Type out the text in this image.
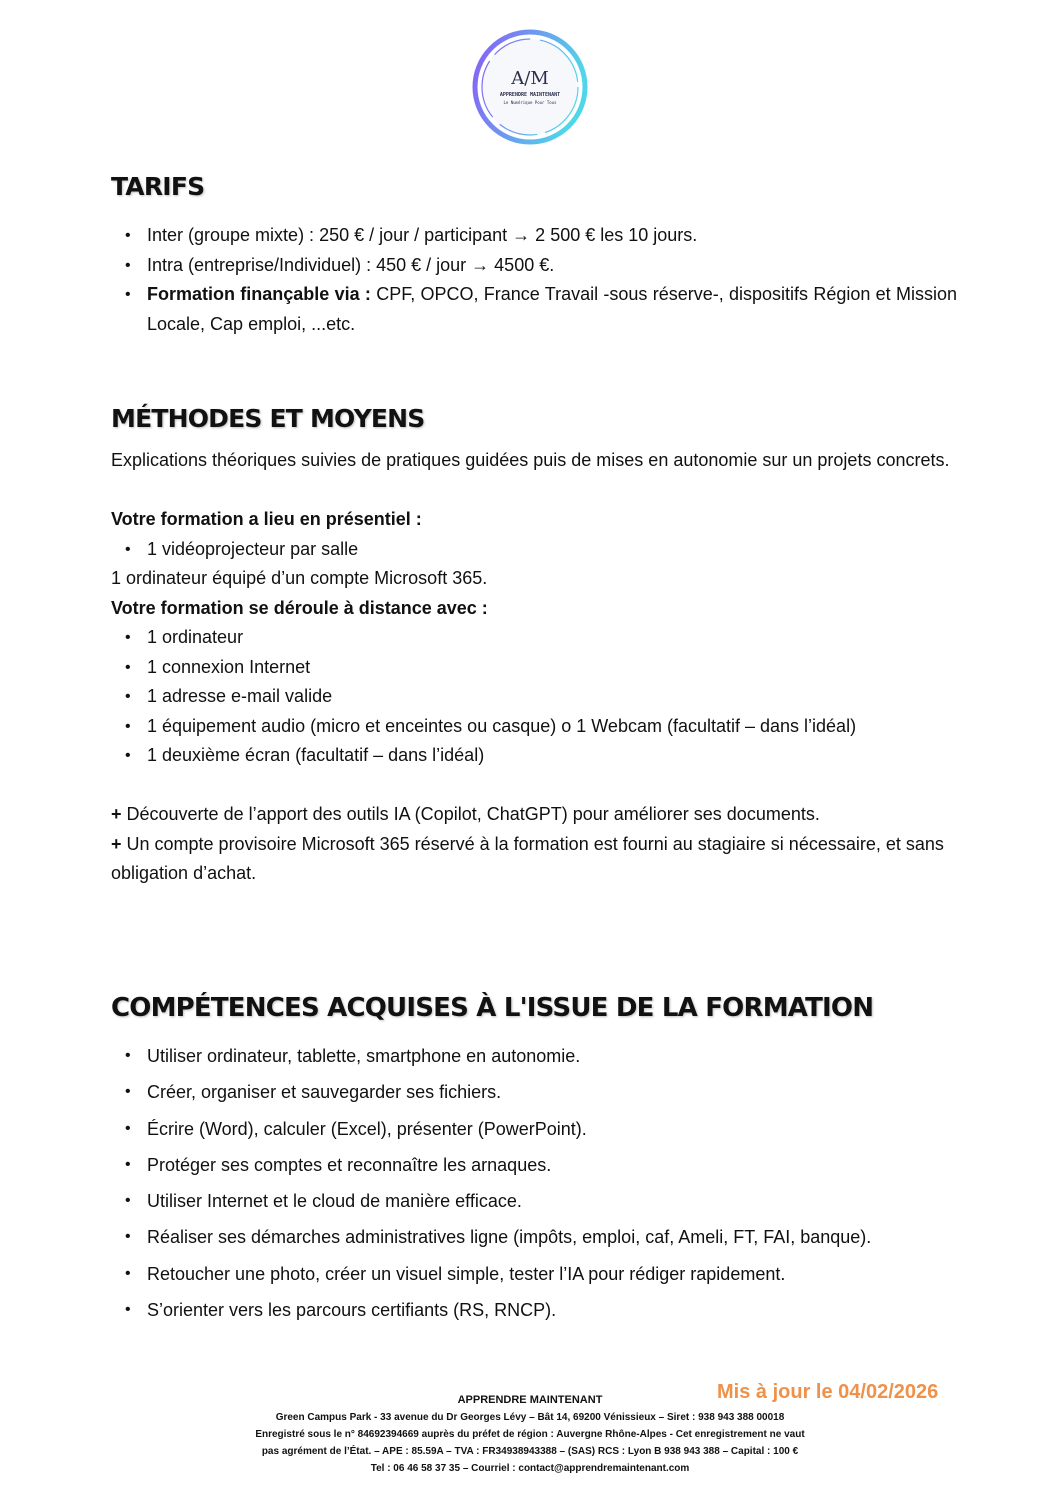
A/M
APPRENDRE MAINTENANT
Le Numérique Pour Tous
TARIFS
• Inter (groupe mixte) : 250 € / jour / participant → 2 500 € les 10 jours.
• Intra (entreprise/Individuel) : 450 € / jour → 4500 €.
• Formation finançable via : CPF, OPCO, France Travail -sous réserve-, dispositifs Région et Mission Locale, Cap emploi, ...etc.
MÉTHODES ET MOYENS

Explications théoriques suivies de pratiques guidées puis de mises en autonomie sur un projets concrets.

Votre formation a lieu en présentiel :
• 1 vidéoprojecteur par salle
1 ordinateur équipé d’un compte Microsoft 365.
Votre formation se déroule à distance avec :
• 1 ordinateur
• 1 connexion Internet
• 1 adresse e-mail valide
• 1 équipement audio (micro et enceintes ou casque) o 1 Webcam (facultatif – dans l’idéal)
• 1 deuxième écran (facultatif – dans l’idéal)
+ Découverte de l’apport des outils IA (Copilot, ChatGPT) pour améliorer ses documents.
+ Un compte provisoire Microsoft 365 réservé à la formation est fourni au stagiaire si nécessaire, et sans obligation d’achat.
COMPÉTENCES ACQUISES À L'ISSUE DE LA FORMATION
• Utiliser ordinateur, tablette, smartphone en autonomie.
• Créer, organiser et sauvegarder ses fichiers.
• Écrire (Word), calculer (Excel), présenter (PowerPoint).
• Protéger ses comptes et reconnaître les arnaques.
• Utiliser Internet et le cloud de manière efficace.
• Réaliser ses démarches administratives ligne (impôts, emploi, caf, Ameli, FT, FAI, banque).
• Retoucher une photo, créer un visuel simple, tester l’IA pour rédiger rapidement.
• S’orienter vers les parcours certifiants (RS, RNCP).
Mis à jour le 04/02/2026
APPRENDRE MAINTENANT
Green Campus Park - 33 avenue du Dr Georges Lévy – Bât 14, 69200 Vénissieux – Siret : 938 943 388 00018
Enregistré sous le n° 84692394669 auprès du préfet de région : Auvergne Rhône-Alpes - Cet enregistrement ne vaut
pas agrément de l’État. – APE : 85.59A – TVA : FR34938943388 – (SAS) RCS : Lyon B 938 943 388 – Capital : 100 €
Tel : 06 46 58 37 35 – Courriel : contact@apprendremaintenant.com
